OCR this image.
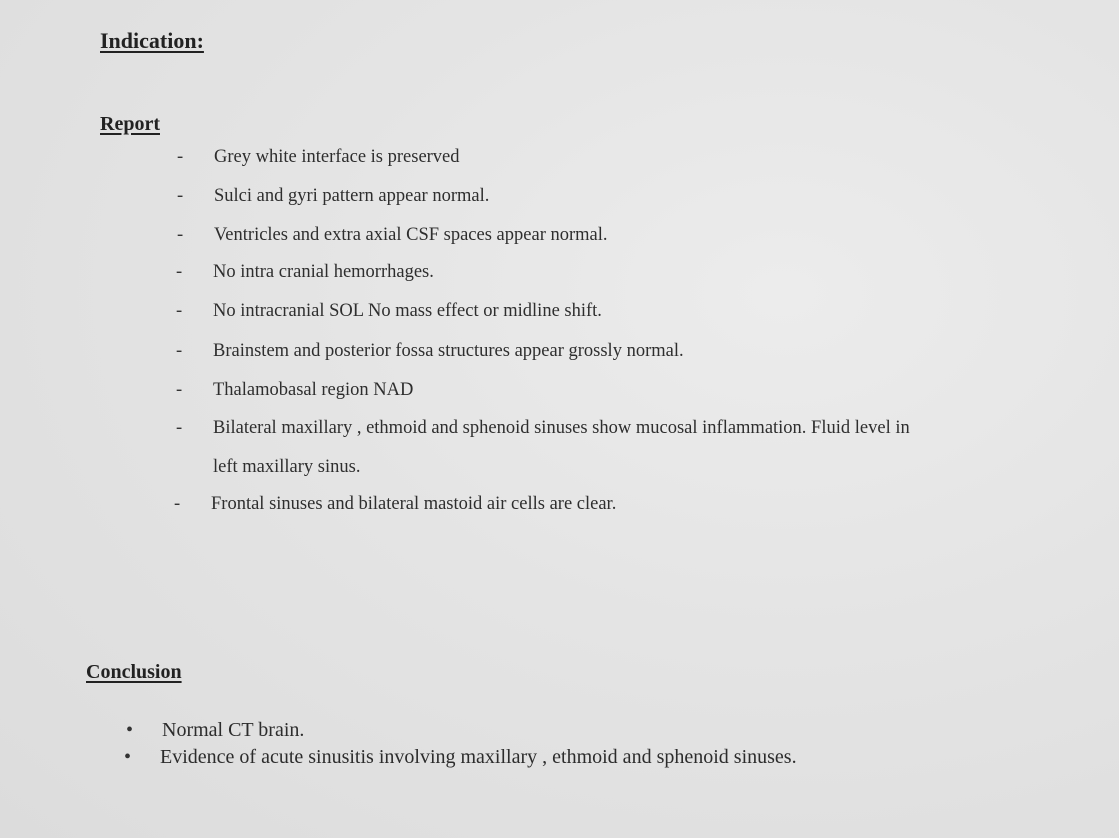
Indication:
Report
- Grey white interface is preserved
- Sulci and gyri pattern appear normal.
- Ventricles and extra axial CSF spaces appear normal.
- No intra cranial hemorrhages.
- No intracranial SOL No mass effect or midline shift.
- Brainstem and posterior fossa structures appear grossly normal.
- Thalamobasal region NAD
- Bilateral maxillary , ethmoid and sphenoid sinuses show mucosal inflammation. Fluid level in
left maxillary sinus.
- Frontal sinuses and bilateral mastoid air cells are clear.
Conclusion
• Normal CT brain.
• Evidence of acute sinusitis involving maxillary , ethmoid and sphenoid sinuses.
